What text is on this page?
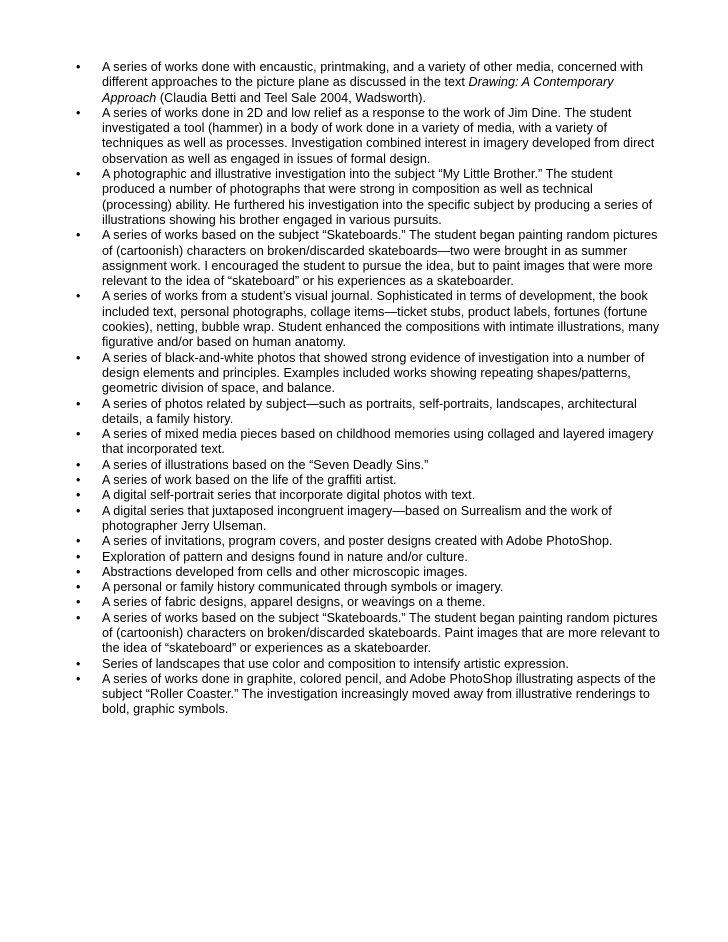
•	A series of works done with encaustic, printmaking, and a variety of other media, concerned with different approaches to the picture plane as discussed in the text Drawing: A Contemporary Approach (Claudia Betti and Teel Sale 2004, Wadsworth).
•	A series of works done in 2D and low relief as a response to the work of Jim Dine. The student investigated a tool (hammer) in a body of work done in a variety of media, with a variety of techniques as well as processes. Investigation combined interest in imagery developed from direct observation as well as engaged in issues of formal design.
•	A photographic and illustrative investigation into the subject “My Little Brother.” The student produced a number of photographs that were strong in composition as well as technical (processing) ability. He furthered his investigation into the specific subject by producing a series of illustrations showing his brother engaged in various pursuits.
•	A series of works based on the subject “Skateboards.” The student began painting random pictures of (cartoonish) characters on broken/discarded skateboards—two were brought in as summer assignment work. I encouraged the student to pursue the idea, but to paint images that were more relevant to the idea of “skateboard” or his experiences as a skateboarder.
•	A series of works from a student’s visual journal. Sophisticated in terms of development, the book included text, personal photographs, collage items—ticket stubs, product labels, fortunes (fortune cookies), netting, bubble wrap. Student enhanced the compositions with intimate illustrations, many figurative and/or based on human anatomy.
•	A series of black-and-white photos that showed strong evidence of investigation into a number of design elements and principles. Examples included works showing repeating shapes/patterns, geometric division of space, and balance.
•	A series of photos related by subject—such as portraits, self-portraits, landscapes, architectural details, a family history.
•	A series of mixed media pieces based on childhood memories using collaged and layered imagery that incorporated text.
•	A series of illustrations based on the “Seven Deadly Sins.”
•	A series of work based on the life of the graffiti artist.
•	A digital self-portrait series that incorporate digital photos with text.
•	A digital series that juxtaposed incongruent imagery—based on Surrealism and the work of photographer Jerry Ulseman.
•	A series of invitations, program covers, and poster designs created with Adobe PhotoShop.
•	Exploration of pattern and designs found in nature and/or culture.
•	Abstractions developed from cells and other microscopic images.
•	A personal or family history communicated through symbols or imagery.
•	A series of fabric designs, apparel designs, or weavings on a theme.
•	A series of works based on the subject “Skateboards.” The student began painting random pictures of (cartoonish) characters on broken/discarded skateboards. Paint images that are more relevant to the idea of “skateboard” or experiences as a skateboarder.
•	Series of landscapes that use color and composition to intensify artistic expression.
•	A series of works done in graphite, colored pencil, and Adobe PhotoShop illustrating aspects of the subject “Roller Coaster.” The investigation increasingly moved away from illustrative renderings to bold, graphic symbols.
